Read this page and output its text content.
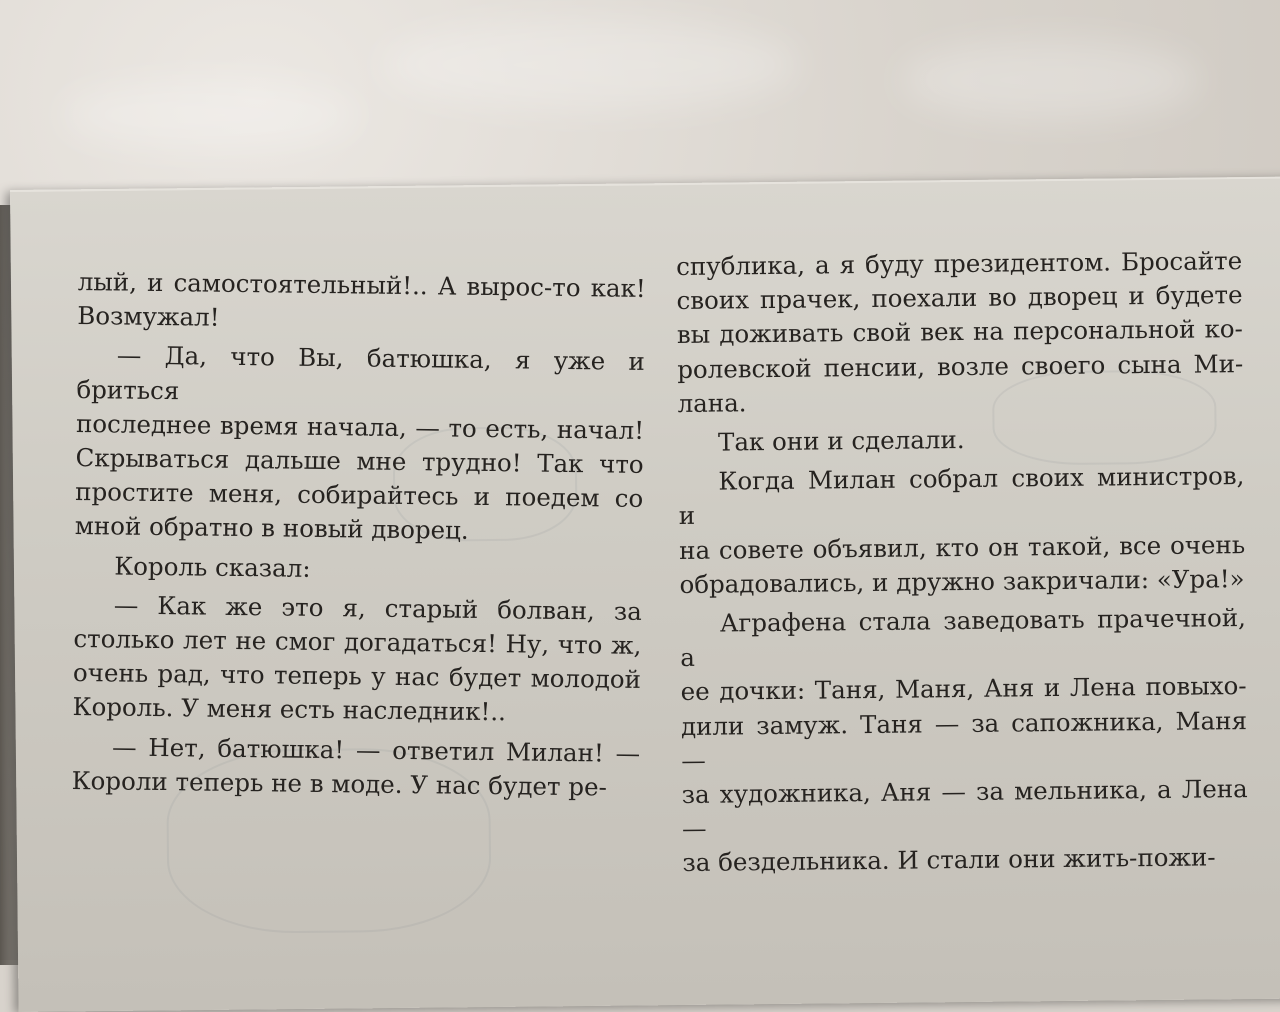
лый, и самостоятельный!.. А вырос-то как!

Возмужал!

— Да, что Вы, батюшка, я уже и бриться

последнее время начала, — то есть, начал!

Скрываться дальше мне трудно! Так что

простите меня, собирайтесь и поедем со

мной обратно в новый дворец.

Король сказал:

— Как же это я, старый болван, за

столько лет не смог догадаться! Ну, что ж,

очень рад, что теперь у нас будет молодой

Король. У меня есть наследник!..

— Нет, батюшка! — ответил Милан! —

Короли теперь не в моде. У нас будет ре-

спублика, а я буду президентом. Бросайте

своих прачек, поехали во дворец и будете

вы доживать свой век на персональной ко-

ролевской пенсии, возле своего сына Ми-

лана.

Так они и сделали.

Когда Милан собрал своих министров, и

на совете объявил, кто он такой, все очень

обрадовались, и дружно закричали: «Ура!»

Аграфена стала заведовать прачечной, а

ее дочки: Таня, Маня, Аня и Лена повыхо-

дили замуж. Таня — за сапожника, Маня —

за художника, Аня — за мельника, а Лена —

за бездельника. И стали они жить-пожи-
